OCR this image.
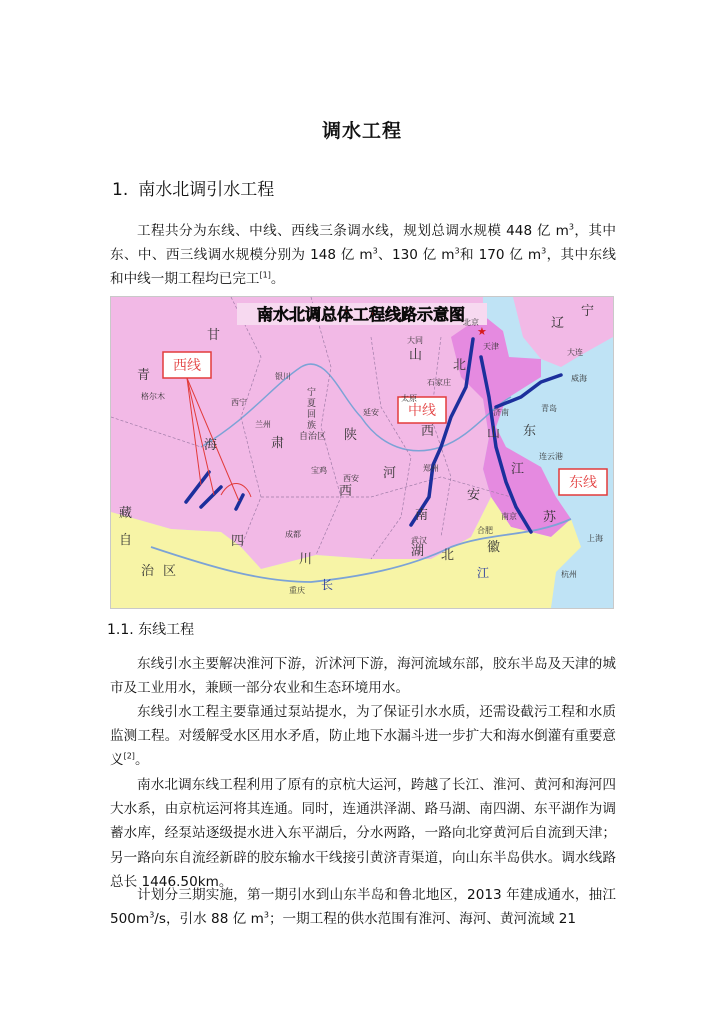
调水工程
1. 南水北调引水工程

工程共分为东线、中线、西线三条调水线，规划总调水规模 448 亿 $m^3$，其中东、中、西三线调水规模分别为 148 亿 $m^3$、130 亿 $m^3$和 170 亿 $m^3$，其中东线和中线一期工程均已完工[1]。

★
南水北调总体工程线路示意图
西线
中线
东线
青
海
甘
肃
藏
自
治 区
四
川
陕
西
河
南
湖 北
安
徽
山
西
北
东
江
苏
辽
宁
山
宁
夏
回
族
自治区
银川
西宁
兰州
西安
郑州
成都
重庆
武汉
合肥
南京
上海
杭州
济南	青岛
威海
大连
石家庄
太原
天津
北京
大同
连云港
延安
宝鸡
格尔木
长
江
1.1. 东线工程

东线引水主要解决淮河下游，沂沭河下游，海河流域东部，胶东半岛及天津的城市及工业用水，兼顾一部分农业和生态环境用水。

东线引水工程主要靠通过泵站提水，为了保证引水水质，还需设截污工程和水质监测工程。对缓解受水区用水矛盾，防止地下水漏斗进一步扩大和海水倒灌有重要意义[2]。

南水北调东线工程利用了原有的京杭大运河，跨越了长江、淮河、黄河和海河四大水系，由京杭运河将其连通。同时，连通洪泽湖、路马湖、南四湖、东平湖作为调蓄水库，经泵站逐级提水进入东平湖后，分水两路，一路向北穿黄河后自流到天津；另一路向东自流经新辟的胶东输水干线接引黄济青渠道，向山东半岛供水。调水线路总长 1446.50km。

计划分三期实施，第一期引水到山东半岛和鲁北地区，2013 年建成通水，抽江 $500m^3/s$，引水 88 亿 $m^3$；一期工程的供水范围有淮河、海河、黄河流域 21
